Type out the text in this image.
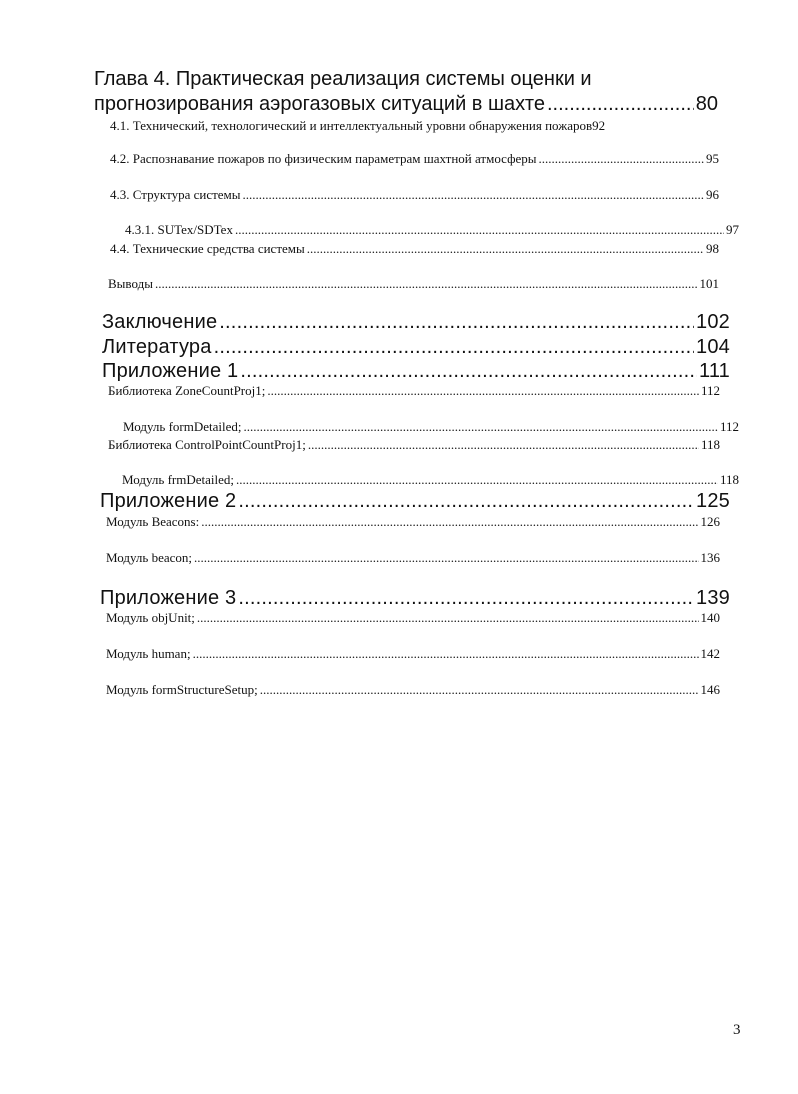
Глава 4. Практическая реализация системы оценки и
прогнозирования аэрогазовых ситуаций в шахте .....	80
4.1. Технический, технологический и интеллектуальный уровни обнаружения пожаров 92
4.2. Распознавание пожаров по физическим параметрам шахтной атмосферы .....	95
4.3. Структура системы .....	96
4.3.1. SUTex/SDTex .....	97
4.4. Технические средства системы .....	98
Выводы .....	101
Заключение .....	102
Литература .....	104
Приложение 1 .....	111
Библиотека ZoneCountProj1; .....	112
Модуль formDetailed; .....	112
Библиотека ControlPointCountProj1; .....	118
Модуль frmDetailed; .....	118
Приложение 2 .....	125
Модуль Beacons: .....	126
Модуль beacon; .....	136
Приложение 3 .....	139
Модуль objUnit; .....	140
Модуль human; .....	142
Модуль formStructureSetup; .....	146
3
